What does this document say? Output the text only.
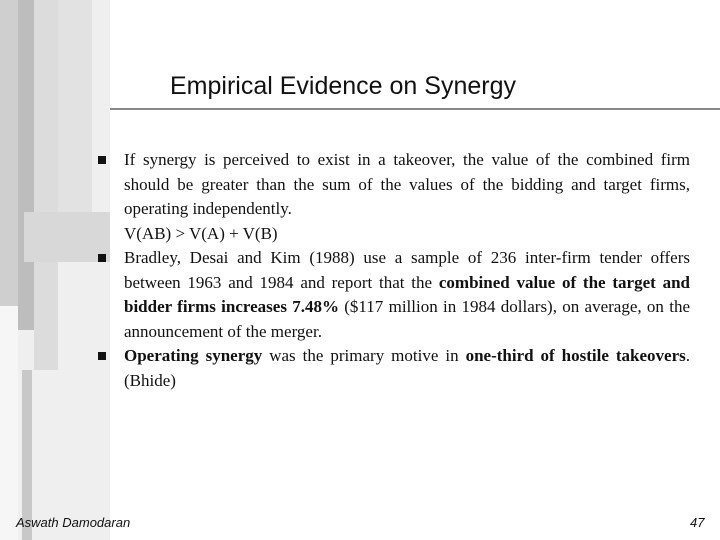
Empirical Evidence on Synergy

If synergy is perceived to exist in a takeover, the value of the combined firm should be greater than the sum of the values of the bidding and target firms, operating independently.

V(AB) > V(A) + V(B)

Bradley, Desai and Kim (1988) use a sample of 236 inter-firm tender offers between 1963 and 1984 and report that the combined value of the target and bidder firms increases 7.48% ($117 million in 1984 dollars), on average, on the announcement of the merger.

Operating synergy was the primary motive in one-third of hostile takeovers. (Bhide)

Aswath Damodaran	47
